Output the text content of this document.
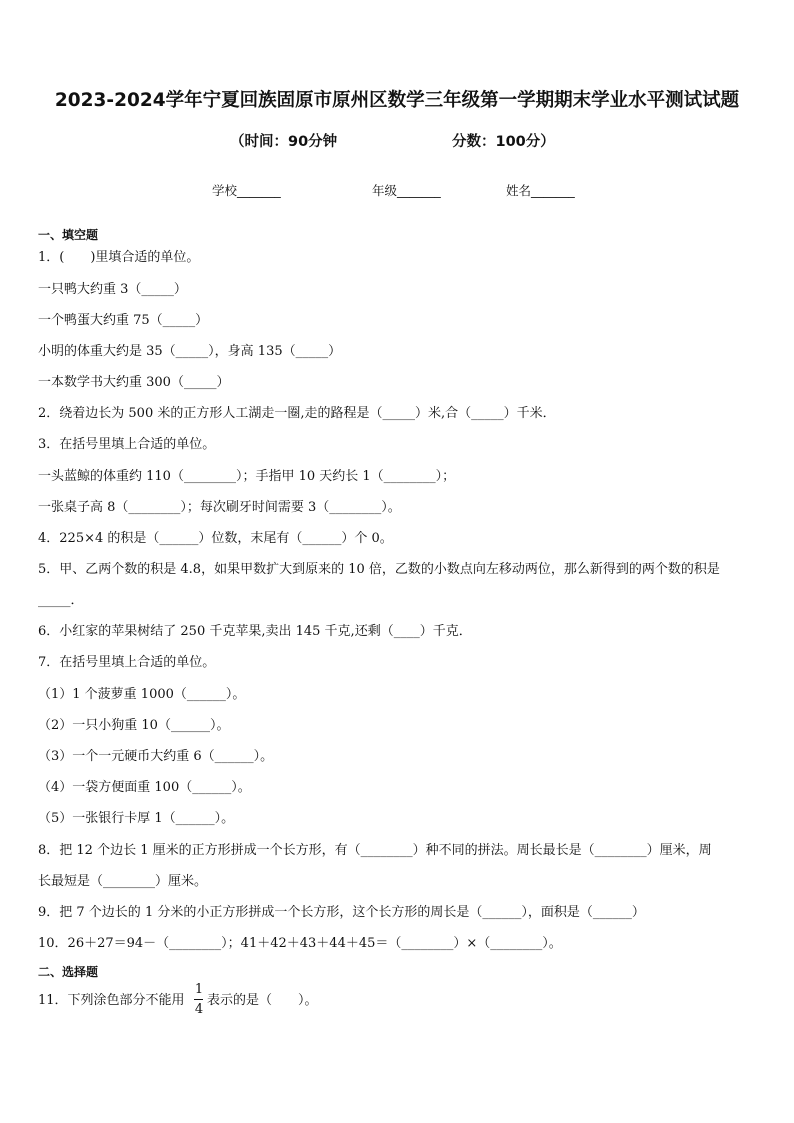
2023-2024学年宁夏回族固原市原州区数学三年级第一学期期末学业水平测试试题
（时间：90分钟	分数：100分）
学校_______	年级_______	姓名_______
一、填空题
1．(　　)里填合适的单位。
一只鸭大约重 3（_____）
一个鸭蛋大约重 75（_____）
小明的体重大约是 35（_____），身高 135（_____）
一本数学书大约重 300（_____）
2．绕着边长为 500 米的正方形人工湖走一圈,走的路程是（_____）米,合（_____）千米．
3．在括号里填上合适的单位。
一头蓝鲸的体重约 110（________）；手指甲 10 天约长 1（________）；
一张桌子高 8（________）；每次刷牙时间需要 3（________）。
4．225×4 的积是（______）位数，末尾有（______）个 0。
5．甲、乙两个数的积是 4.8，如果甲数扩大到原来的 10 倍，乙数的小数点向左移动两位，那么新得到的两个数的积是
_____．
6．小红家的苹果树结了 250 千克苹果,卖出 145 千克,还剩（____）千克．
7．在括号里填上合适的单位。
（1）1 个菠萝重 1000（______）。
（2）一只小狗重 10（______）。
（3）一个一元硬币大约重 6（______）。
（4）一袋方便面重 100（______）。
（5）一张银行卡厚 1（______）。
8．把 12 个边长 1 厘米的正方形拼成一个长方形，有（________）种不同的拼法。周长最长是（________）厘米，周
长最短是（________）厘米。
9．把 7 个边长的 1 分米的小正方形拼成一个长方形，这个长方形的周长是（______），面积是（______）
10．26＋27＝94－（________）；41＋42＋43＋44＋45＝（________）×（________）。
二、选择题
11．下列涂色部分不能用
1
4
表示的是（　　）。
